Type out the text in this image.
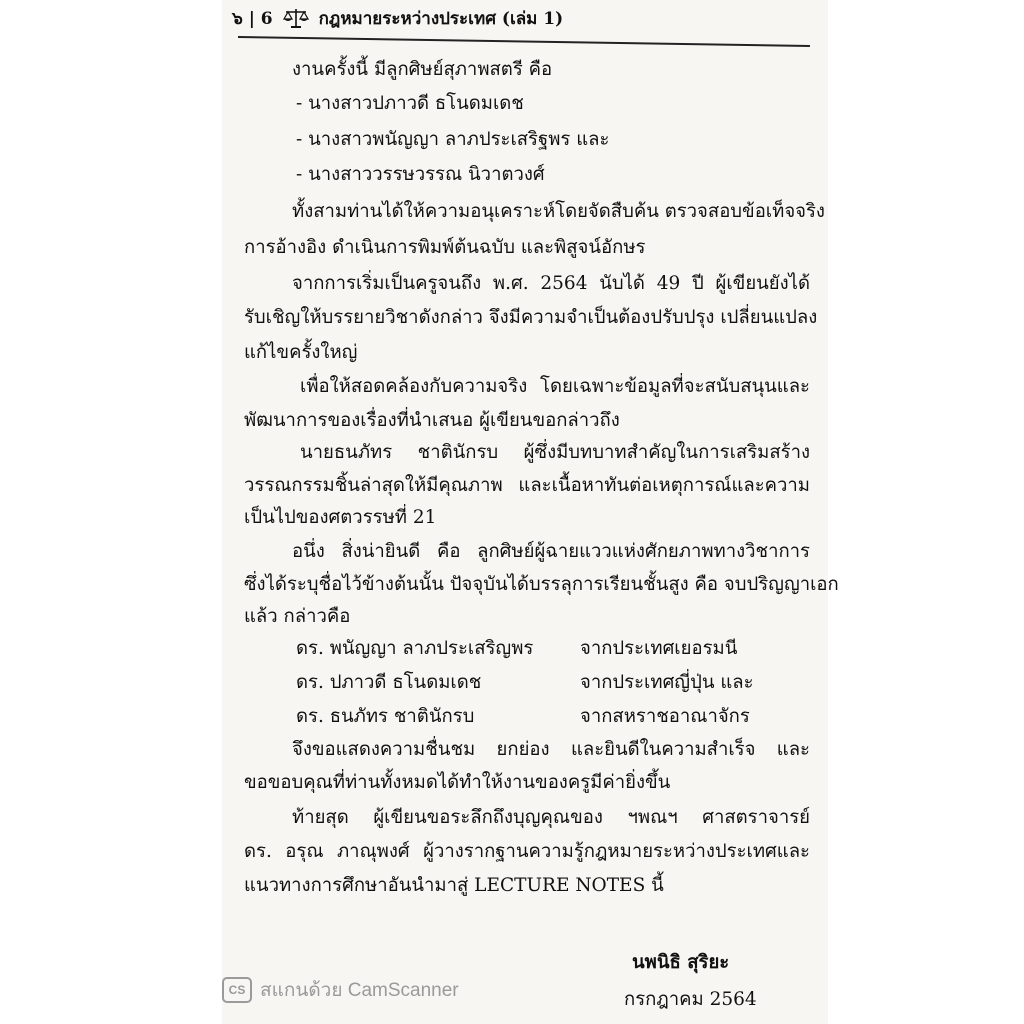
๖ | 6	กฎหมายระหว่างประเทศ (เล่ม 1)
งานครั้งนี้ มีลูกศิษย์สุภาพสตรี คือ
- นางสาวปภาวดี ธโนดมเดช
- นางสาวพนัญญา ลาภประเสริฐพร และ
- นางสาววรรษวรรณ นิวาตวงศ์
ทั้งสามท่านได้ให้ความอนุเคราะห์โดยจัดสืบค้น ตรวจสอบข้อเท็จจริง
การอ้างอิง ดำเนินการพิมพ์ต้นฉบับ และพิสูจน์อักษร
จากการเริ่มเป็นครูจนถึง พ.ศ. 2564 นับได้ 49 ปี ผู้เขียนยังได้
รับเชิญให้บรรยายวิชาดังกล่าว จึงมีความจำเป็นต้องปรับปรุง เปลี่ยนแปลง
แก้ไขครั้งใหญ่
เพื่อให้สอดคล้องกับความจริง โดยเฉพาะข้อมูลที่จะสนับสนุนและ
พัฒนาการของเรื่องที่นำเสนอ ผู้เขียนขอกล่าวถึง
นายธนภัทร ชาตินักรบ ผู้ซึ่งมีบทบาทสำคัญในการเสริมสร้าง
วรรณกรรมชิ้นล่าสุดให้มีคุณภาพ และเนื้อหาทันต่อเหตุการณ์และความ
เป็นไปของศตวรรษที่ 21
อนึ่ง สิ่งน่ายินดี คือ ลูกศิษย์ผู้ฉายแววแห่งศักยภาพทางวิชาการ
ซึ่งได้ระบุชื่อไว้ข้างต้นนั้น ปัจจุบันได้บรรลุการเรียนชั้นสูง คือ จบปริญญาเอก
แล้ว กล่าวคือ
ดร. พนัญญา ลาภประเสริญพร	จากประเทศเยอรมนี
ดร. ปภาวดี ธโนดมเดช	จากประเทศญี่ปุ่น และ
ดร. ธนภัทร ชาตินักรบ	จากสหราชอาณาจักร
จึงขอแสดงความชื่นชม ยกย่อง และยินดีในความสำเร็จ และ
ขอขอบคุณที่ท่านทั้งหมดได้ทำให้งานของครูมีค่ายิ่งขึ้น
ท้ายสุด ผู้เขียนขอระลึกถึงบุญคุณของ ฯพณฯ ศาสตราจารย์
ดร. อรุณ ภาณุพงศ์ ผู้วางรากฐานความรู้กฎหมายระหว่างประเทศและ
แนวทางการศึกษาอันนำมาสู่ LECTURE NOTES นี้
นพนิธิ สุริยะ
กรกฎาคม 2564
CS สแกนด้วย CamScanner
